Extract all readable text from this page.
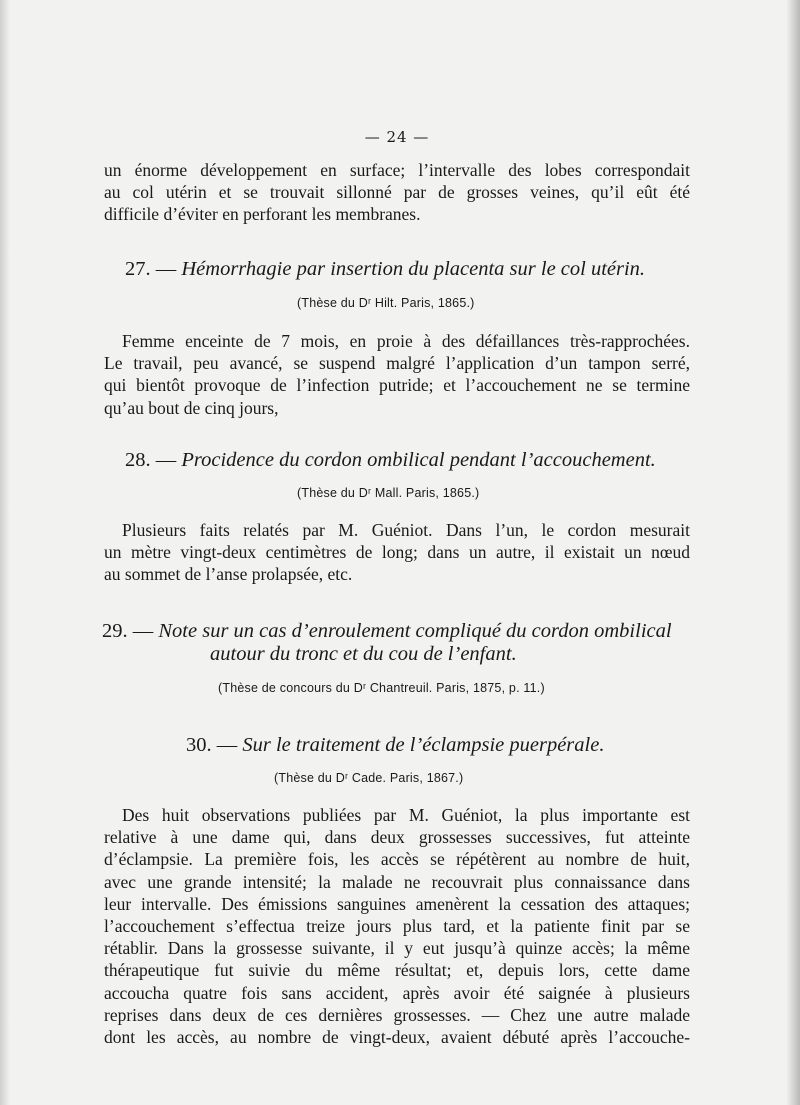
— 24 —
un énorme développement en surface; l’intervalle des lobes correspondait
au col utérin et se trouvait sillonné par de grosses veines, qu’il eût été
difficile d’éviter en perforant les membranes.
27. — Hémorrhagie par insertion du placenta sur le col utérin.
(Thèse du Dʳ Hilt. Paris, 1865.)
Femme enceinte de 7 mois, en proie à des défaillances très-rapprochées.
Le travail, peu avancé, se suspend malgré l’application d’un tampon serré,
qui bientôt provoque de l’infection putride; et l’accouchement ne se termine
qu’au bout de cinq jours,
28. — Procidence du cordon ombilical pendant l’accouchement.
(Thèse du Dʳ Mall. Paris, 1865.)
Plusieurs faits relatés par M. Guéniot. Dans l’un, le cordon mesurait
un mètre vingt-deux centimètres de long; dans un autre, il existait un nœud
au sommet de l’anse prolapsée, etc.
29. — Note sur un cas d’enroulement compliqué du cordon ombilical
autour du tronc et du cou de l’enfant.
(Thèse de concours du Dʳ Chantreuil. Paris, 1875, p. 11.)
30. — Sur le traitement de l’éclampsie puerpérale.
(Thèse du Dʳ Cade. Paris, 1867.)
Des huit observations publiées par M. Guéniot, la plus importante est
relative à une dame qui, dans deux grossesses successives, fut atteinte
d’éclampsie. La première fois, les accès se répétèrent au nombre de huit,
avec une grande intensité; la malade ne recouvrait plus connaissance dans
leur intervalle. Des émissions sanguines amenèrent la cessation des attaques;
l’accouchement s’effectua treize jours plus tard, et la patiente finit par se
rétablir. Dans la grossesse suivante, il y eut jusqu’à quinze accès; la même
thérapeutique fut suivie du même résultat; et, depuis lors, cette dame
accoucha quatre fois sans accident, après avoir été saignée à plusieurs
reprises dans deux de ces dernières grossesses. — Chez une autre malade
dont les accès, au nombre de vingt-deux, avaient débuté après l’accouche-
